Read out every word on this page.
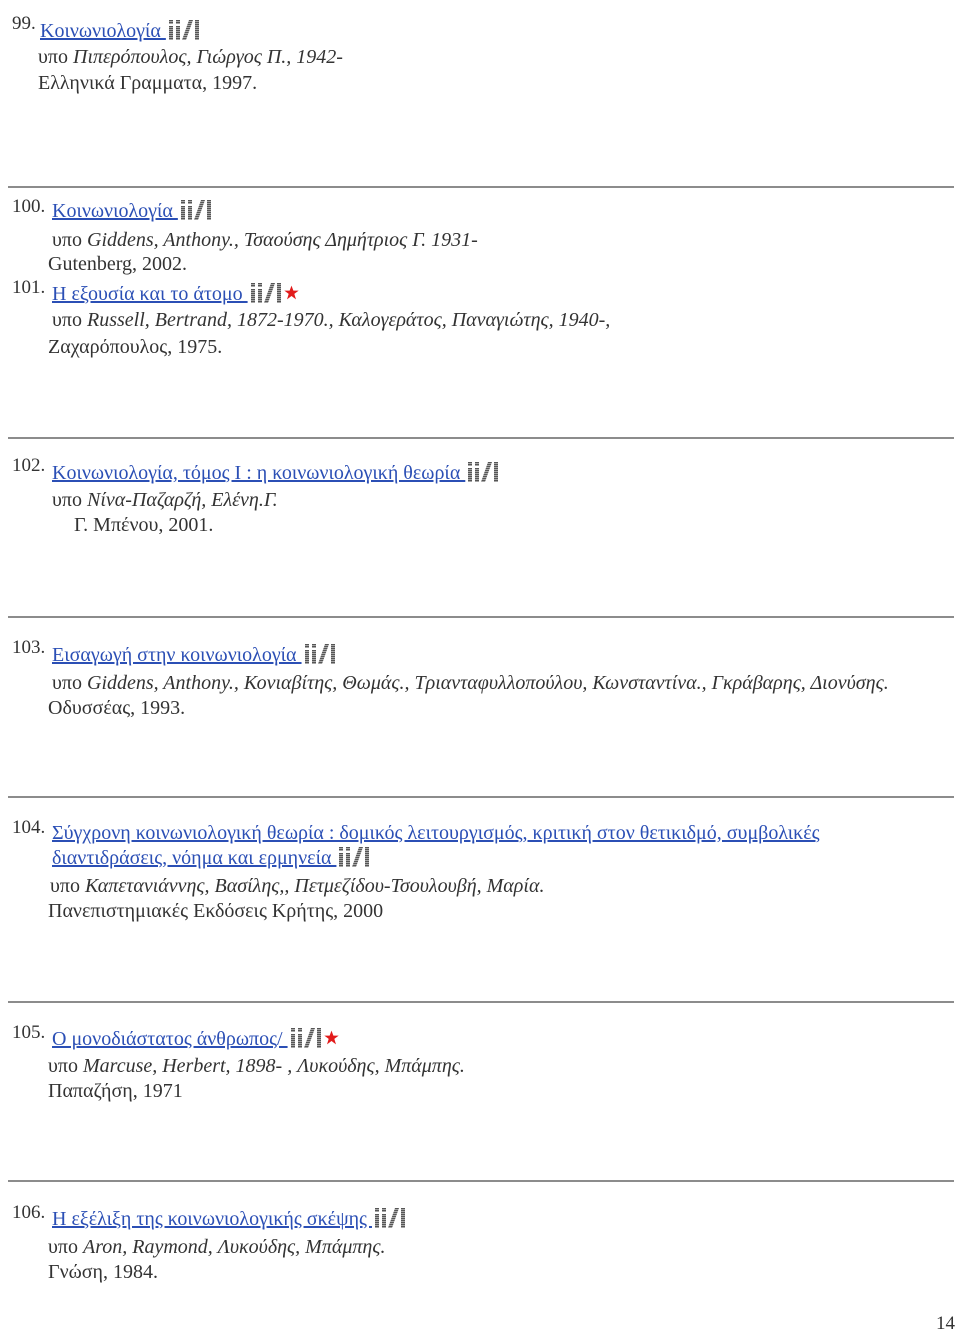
99. Κοινωνιολογία
υπο Πιπερόπουλος, Γιώργος Π., 1942-
Ελληνικά Γραμματα, 1997.
100. Κοινωνιολογία
υπο Giddens, Anthony., Τσαούσης Δημήτριος Γ. 1931-
Gutenberg, 2002.
101. Η εξουσία και το άτομο
υπο Russell, Bertrand, 1872-1970., Καλογεράτος, Παναγιώτης, 1940-,
Ζαχαρόπουλος, 1975.
102. Κοινωνιολογία, τόμος Ι : η κοινωνιολογική θεωρία
υπο Νίνα-Παζαρζή, Ελένη.Γ.
Γ. Μπένου, 2001.
103. Εισαγωγή στην κοινωνιολογία
υπο Giddens, Anthony., Κονιαβίτης, Θωμάς., Τριανταφυλλοπούλου, Κωνσταντίνα., Γκράβαρης, Διονύσης.
Οδυσσέας, 1993.
104. Σύγχρονη κοινωνιολογική θεωρία : δομικός λειτουργισμός, κριτική στον θετικιδμό, συμβολικές
διαντιδράσεις, νόημα και ερμηνεία
υπο Καπετανιάννης, Βασίλης,, Πετμεζίδου-Τσουλουβή, Μαρία.
Πανεπιστημιακές Εκδόσεις Κρήτης, 2000
105. Ο μονοδιάστατος άνθρωπος/
υπο Marcuse, Herbert, 1898- , Λυκούδης, Μπάμπης.
Παπαζήση, 1971
106. Η εξέλιξη της κοινωνιολογικής σκέψης
υπο Aron, Raymond, Λυκούδης, Μπάμπης.
Γνώση, 1984.
14
